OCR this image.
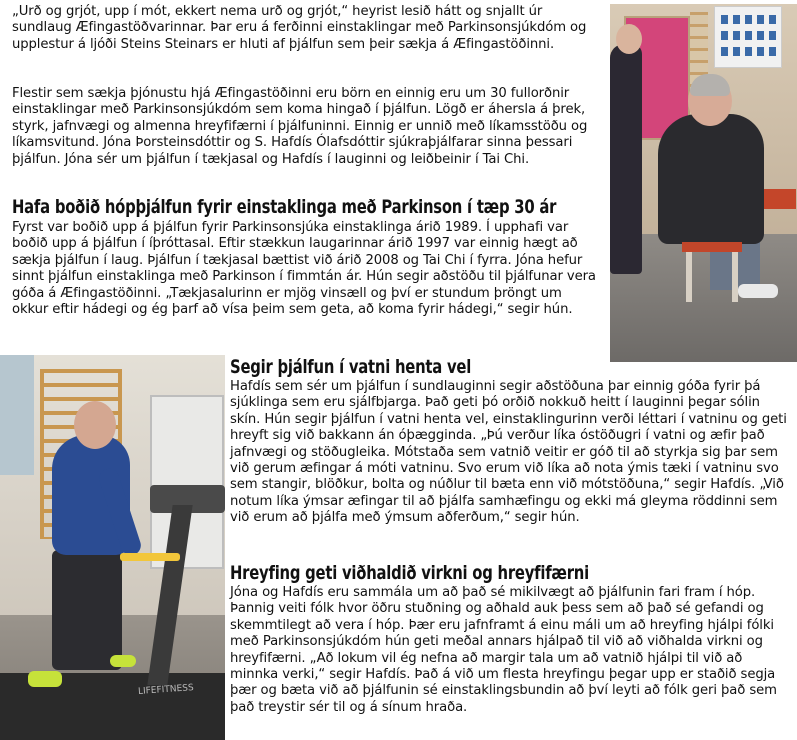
„Urð og grjót, upp í mót, ekkert nema urð og grjót,“ heyrist lesið hátt og snjallt úr sundlaug Æfingastöðvarinnar. Þar eru á ferðinni einstaklingar með Parkinsonsjúkdóm og upplestur á ljóði Steins Steinars er hluti af þjálfun sem þeir sækja á Æfingastöðinni.

Flestir sem sækja þjónustu hjá Æfingastöðinni eru börn en einnig eru um 30 fullorðnir einstaklingar með Parkinsonsjúkdóm sem koma hingað í þjálfun. Lögð er áhersla á þrek, styrk, jafnvægi og almenna hreyfifærni í þjálfuninni. Einnig er unnið með líkamsstöðu og líkamsvitund. Jóna Þorsteinsdóttir og S. Hafdís Ólafsdóttir sjúkraþjálfarar sinna þessari þjálfun. Jóna sér um þjálfun í tækjasal og Hafdís í lauginni og leiðbeinir í Tai Chi.

Hafa boðið hópþjálfun fyrir einstaklinga með Parkinson í tæp 30 ár

Fyrst var boðið upp á þjálfun fyrir Parkinsonsjúka einstaklinga árið 1989. Í upphafi var boðið upp á þjálfun í íþróttasal. Eftir stækkun laugarinnar árið 1997 var einnig hægt að sækja þjálfun í laug. Þjálfun í tækjasal bættist við árið 2008 og Tai Chi í fyrra. Jóna hefur sinnt þjálfun einstaklinga með Parkinson í fimmtán ár. Hún segir aðstöðu til þjálfunar vera góða á Æfingastöðinni. „Tækjasalurinn er mjög vinsæll og því er stundum þröngt um okkur eftir hádegi og ég þarf að vísa þeim sem geta, að koma fyrir hádegi,“ segir hún.

LIFEFITNESS
Segir þjálfun í vatni henta vel

Hafdís sem sér um þjálfun í sundlauginni segir aðstöðuna þar einnig góða fyrir þá sjúklinga sem eru sjálfbjarga. Það geti þó orðið nokkuð heitt í lauginni þegar sólin skín. Hún segir þjálfun í vatni henta vel, einstaklingurinn verði léttari í vatninu og geti hreyft sig við bakkann án óþægginda. „Þú verður líka óstöðugri í vatni og æfir það jafnvægi og stöðugleika. Mótstaða sem vatnið veitir er góð til að styrkja sig þar sem við gerum æfingar á móti vatninu. Svo erum við líka að nota ýmis tæki í vatninu svo sem stangir, blöðkur, bolta og núðlur til bæta enn við mótstöðuna,“ segir Hafdís. „Við notum líka ýmsar æfingar til að þjálfa samhæfingu og ekki má gleyma röddinni sem við erum að þjálfa með ýmsum aðferðum,“ segir hún.

Hreyfing geti viðhaldið virkni og hreyfifærni

Jóna og Hafdís eru sammála um að það sé mikilvægt að þjálfunin fari fram í hóp. Þannig veiti fólk hvor öðru stuðning og aðhald auk þess sem að það sé gefandi og skemmtilegt að vera í hóp. Þær eru jafnframt á einu máli um að hreyfing hjálpi fólki með Parkinsonsjúkdóm hún geti meðal annars hjálpað til við að viðhalda virkni og hreyfifærni. „Að lokum vil ég nefna að margir tala um að vatnið hjálpi til við að minnka verki,“ segir Hafdís. Það á við um flesta hreyfingu þegar upp er staðið segja þær og bæta við að þjálfunin sé einstaklingsbundin að því leyti að fólk geri það sem það treystir sér til og á sínum hraða.
